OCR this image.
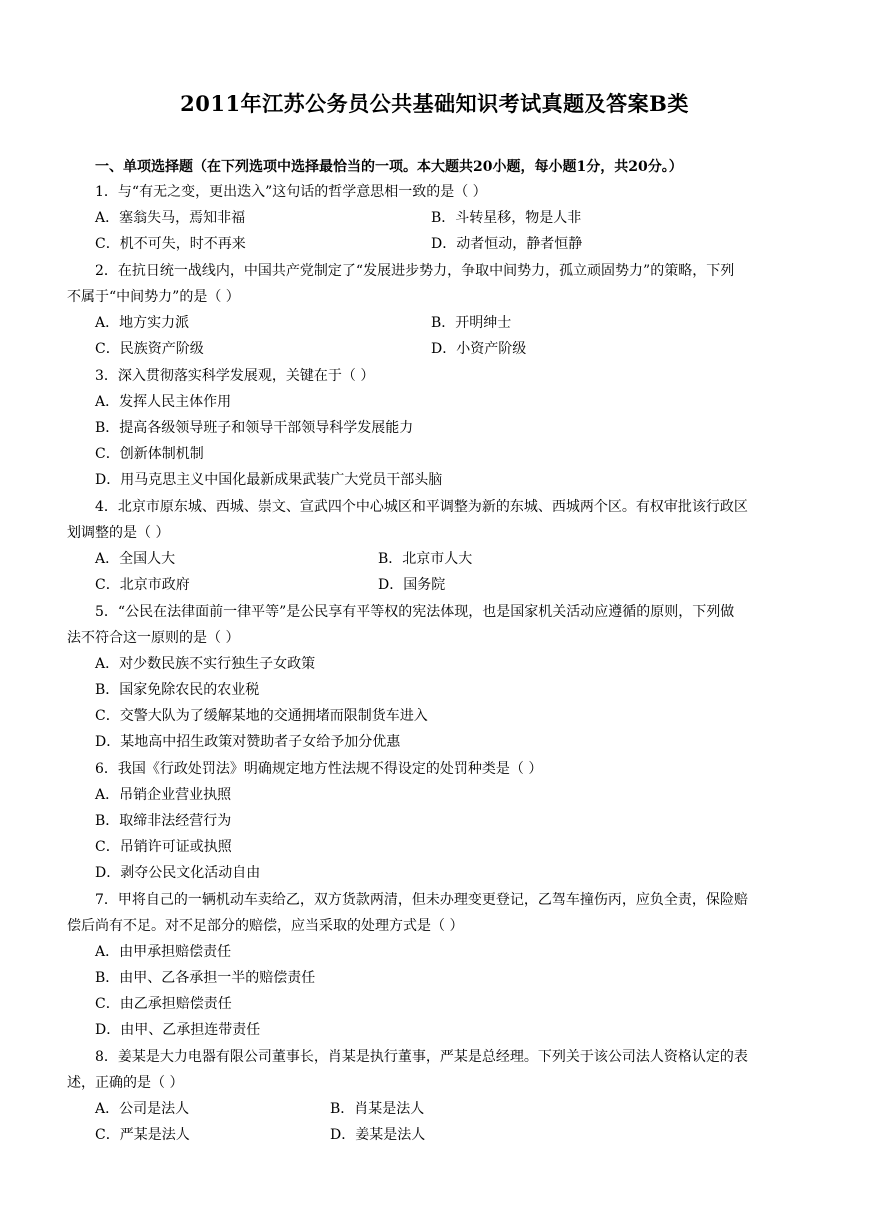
2011年江苏公务员公共基础知识考试真题及答案B类
一、单项选择题（在下列选项中选择最恰当的一项。本大题共20小题，每小题1分，共20分。）
1．与“有无之变，更出迭入”这句话的哲学意思相一致的是（ ）
A．塞翁失马，焉知非福	B．斗转星移，物是人非
C．机不可失，时不再来	D．动者恒动，静者恒静
2．在抗日统一战线内，中国共产党制定了“发展进步势力，争取中间势力，孤立顽固势力”的策略，下列
不属于“中间势力”的是（ ）
A．地方实力派	B．开明绅士
C．民族资产阶级	D．小资产阶级
3．深入贯彻落实科学发展观，关键在于（ ）
A．发挥人民主体作用
B．提高各级领导班子和领导干部领导科学发展能力
C．创新体制机制
D．用马克思主义中国化最新成果武装广大党员干部头脑
4．北京市原东城、西城、崇文、宣武四个中心城区和平调整为新的东城、西城两个区。有权审批该行政区
划调整的是（ ）
A．全国人大	B．北京市人大
C．北京市政府	D．国务院
5．“公民在法律面前一律平等”是公民享有平等权的宪法体现，也是国家机关活动应遵循的原则，下列做
法不符合这一原则的是（ ）
A．对少数民族不实行独生子女政策
B．国家免除农民的农业税
C．交警大队为了缓解某地的交通拥堵而限制货车进入
D．某地高中招生政策对赞助者子女给予加分优惠
6．我国《行政处罚法》明确规定地方性法规不得设定的处罚种类是（ ）
A．吊销企业营业执照
B．取缔非法经营行为
C．吊销许可证或执照
D．剥夺公民文化活动自由
7．甲将自己的一辆机动车卖给乙，双方货款两清，但未办理变更登记，乙驾车撞伤丙，应负全责，保险赔
偿后尚有不足。对不足部分的赔偿，应当采取的处理方式是（ ）
A．由甲承担赔偿责任
B．由甲、乙各承担一半的赔偿责任
C．由乙承担赔偿责任
D．由甲、乙承担连带责任
8．姜某是大力电器有限公司董事长，肖某是执行董事，严某是总经理。下列关于该公司法人资格认定的表
述，正确的是（ ）
A．公司是法人	B．肖某是法人
C．严某是法人	D．姜某是法人
